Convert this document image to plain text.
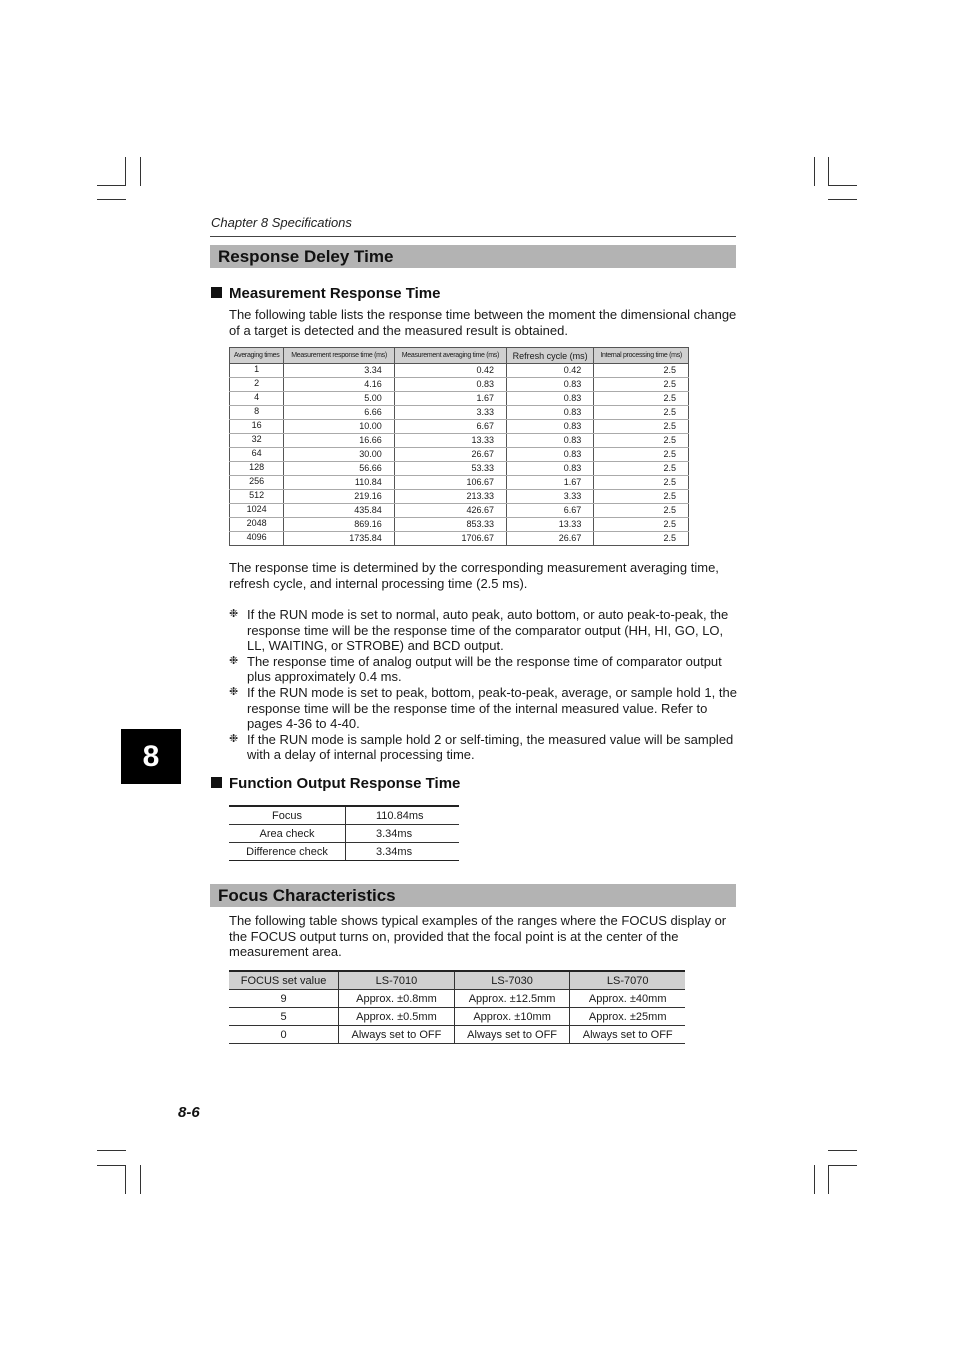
Chapter 8 Specifications
Response Deley Time
Measurement Response Time
The following table lists the response time between the moment the dimensional change of a target is detected and the measured result is obtained.
Averaging times	Measurement response time (ms)	Measurement averaging time (ms)	Refresh cycle (ms)	Internal processing time (ms)
1	3.34	0.42	0.42	2.5
2	4.16	0.83	0.83	2.5
4	5.00	1.67	0.83	2.5
8	6.66	3.33	0.83	2.5
16	10.00	6.67	0.83	2.5
32	16.66	13.33	0.83	2.5
64	30.00	26.67	0.83	2.5
128	56.66	53.33	0.83	2.5
256	110.84	106.67	1.67	2.5
512	219.16	213.33	3.33	2.5
1024	435.84	426.67	6.67	2.5
2048	869.16	853.33	13.33	2.5
4096	1735.84	1706.67	26.67	2.5
The response time is determined by the corresponding measurement averaging time, refresh cycle, and internal processing time (2.5 ms).
❉ If the RUN mode is set to normal, auto peak, auto bottom, or auto peak-to-peak, the response time will be the response time of the comparator output (HH, HI, GO, LO, LL, WAITING, or STROBE) and BCD output.
❉ The response time of analog output will be the response time of comparator output plus approximately 0.4 ms.
❉ If the RUN mode is set to peak, bottom, peak-to-peak, average, or sample hold 1, the response time will be the response time of the internal measured value. Refer to pages 4-36 to 4-40.
❉ If the RUN mode is sample hold 2 or self-timing, the measured value will be sampled with a delay of internal processing time.
Function Output Response Time
Focus	110.84ms
Area check	3.34ms
Difference check	3.34ms
Focus Characteristics
The following table shows typical examples of the ranges where the FOCUS display or the FOCUS output turns on, provided that the focal point is at the center of the measurement area.
FOCUS set value	LS-7010	LS-7030	LS-7070
9	Approx. ±0.8mm	Approx. ±12.5mm	Approx. ±40mm
5	Approx. ±0.5mm	Approx. ±10mm	Approx. ±25mm
0	Always set to OFF	Always set to OFF	Always set to OFF
8
8-6
